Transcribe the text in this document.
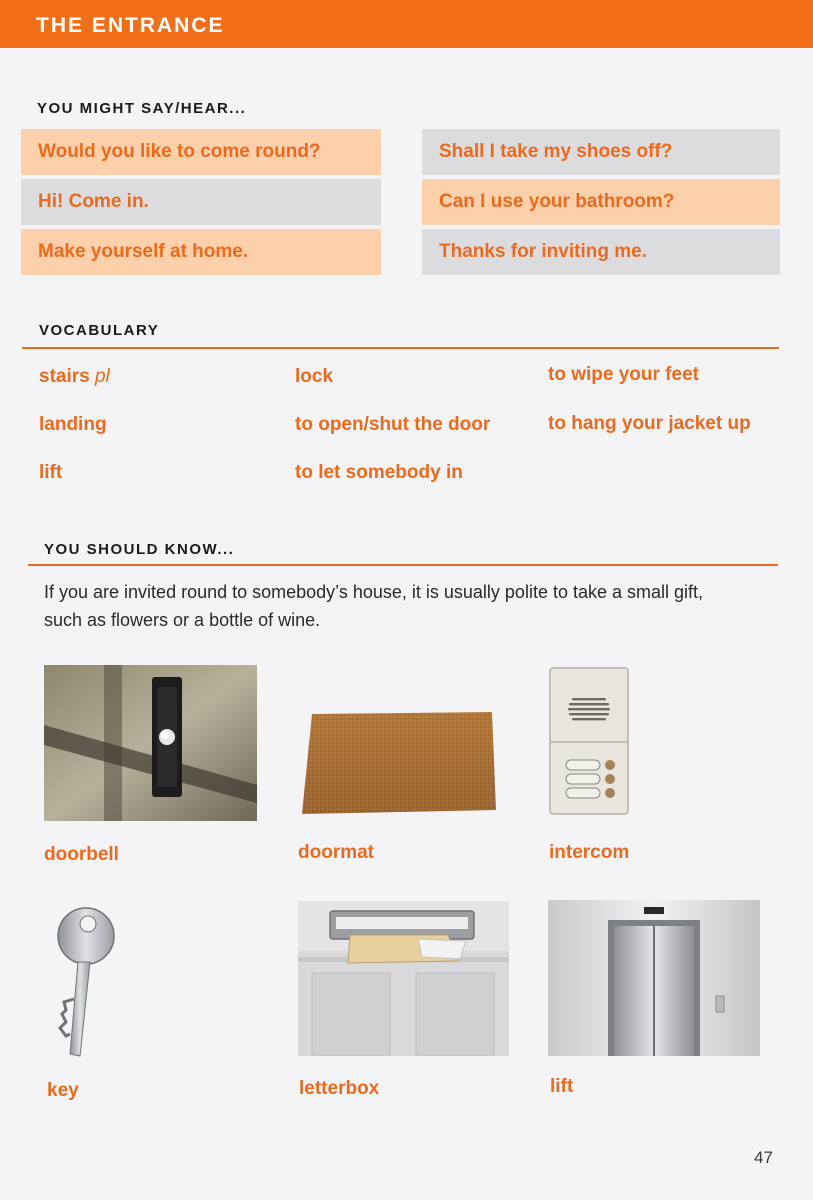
THE ENTRANCE
YOU MIGHT SAY/HEAR...
Would you like to come round?
Hi! Come in.
Make yourself at home.
Shall I take my shoes off?
Can I use your bathroom?
Thanks for inviting me.
VOCABULARY
stairs pl
landing
lift
lock
to open/shut the door
to let somebody in
to wipe your feet
to hang your jacket up
YOU SHOULD KNOW...
If you are invited round to somebody’s house, it is usually polite to take a small gift, such as flowers or a bottle of wine.
doorbell	doormat	intercom
key	letterbox	lift
47
